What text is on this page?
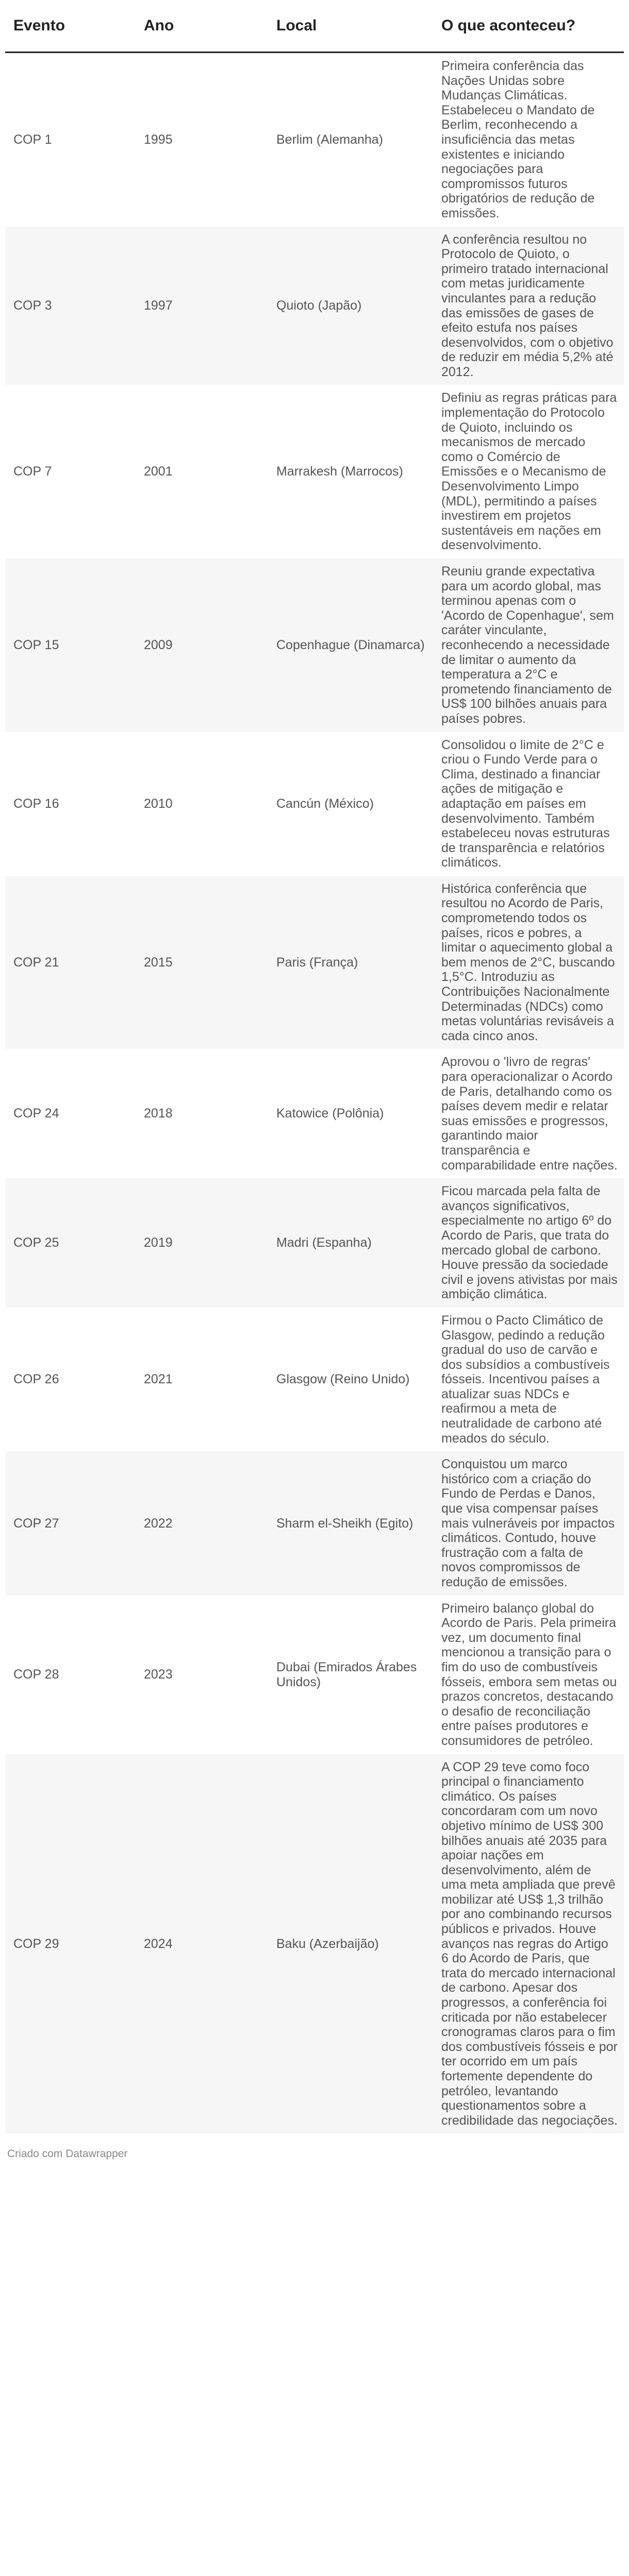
Evento	Ano	Local	O que aconteceu?
COP 1	1995	Berlim (Alemanha)	Primeira conferência das Nações Unidas sobre Mudanças Climáticas. Estabeleceu o Mandato de Berlim, reconhecendo a insuficiência das metas existentes e iniciando negociações para compromissos futuros obrigatórios de redução de emissões.
COP 3	1997	Quioto (Japão)	A conferência resultou no Protocolo de Quioto, o primeiro tratado internacional com metas juridicamente vinculantes para a redução das emissões de gases de efeito estufa nos países desenvolvidos, com o objetivo de reduzir em média 5,2% até 2012.
COP 7	2001	Marrakesh (Marrocos)	Definiu as regras práticas para implementação do Protocolo de Quioto, incluindo os mecanismos de mercado como o Comércio de Emissões e o Mecanismo de Desenvolvimento Limpo (MDL), permitindo a países investirem em projetos sustentáveis em nações em desenvolvimento.
COP 15	2009	Copenhague (Dinamarca)	Reuniu grande expectativa para um acordo global, mas terminou apenas com o 'Acordo de Copenhague', sem caráter vinculante, reconhecendo a necessidade de limitar o aumento da temperatura a 2°C e prometendo financiamento de US$ 100 bilhões anuais para países pobres.
COP 16	2010	Cancún (México)	Consolidou o limite de 2°C e criou o Fundo Verde para o Clima, destinado a financiar ações de mitigação e adaptação em países em desenvolvimento. Também estabeleceu novas estruturas de transparência e relatórios climáticos.
COP 21	2015	Paris (França)	Histórica conferência que resultou no Acordo de Paris, comprometendo todos os países, ricos e pobres, a limitar o aquecimento global a bem menos de 2°C, buscando 1,5°C. Introduziu as Contribuições Nacionalmente Determinadas (NDCs) como metas voluntárias revisáveis a cada cinco anos.
COP 24	2018	Katowice (Polônia)	Aprovou o 'livro de regras' para operacionalizar o Acordo de Paris, detalhando como os países devem medir e relatar suas emissões e progressos, garantindo maior transparência e comparabilidade entre nações.
COP 25	2019	Madri (Espanha)	Ficou marcada pela falta de avanços significativos, especialmente no artigo 6º do Acordo de Paris, que trata do mercado global de carbono. Houve pressão da sociedade civil e jovens ativistas por mais ambição climática.
COP 26	2021	Glasgow (Reino Unido)	Firmou o Pacto Climático de Glasgow, pedindo a redução gradual do uso de carvão e dos subsídios a combustíveis fósseis. Incentivou países a atualizar suas NDCs e reafirmou a meta de neutralidade de carbono até meados do século.
COP 27	2022	Sharm el-Sheikh (Egito)	Conquistou um marco histórico com a criação do Fundo de Perdas e Danos, que visa compensar países mais vulneráveis por impactos climáticos. Contudo, houve frustração com a falta de novos compromissos de redução de emissões.
COP 28	2023	Dubai (Emirados Árabes Unidos)	Primeiro balanço global do Acordo de Paris. Pela primeira vez, um documento final mencionou a transição para o fim do uso de combustíveis fósseis, embora sem metas ou prazos concretos, destacando o desafio de reconciliação entre países produtores e consumidores de petróleo.
COP 29	2024	Baku (Azerbaijão)	A COP 29 teve como foco principal o financiamento climático. Os países concordaram com um novo objetivo mínimo de US$ 300 bilhões anuais até 2035 para apoiar nações em desenvolvimento, além de uma meta ampliada que prevê mobilizar até US$ 1,3 trilhão por ano combinando recursos públicos e privados. Houve avanços nas regras do Artigo 6 do Acordo de Paris, que trata do mercado internacional de carbono. Apesar dos progressos, a conferência foi criticada por não estabelecer cronogramas claros para o fim dos combustíveis fósseis e por ter ocorrido em um país fortemente dependente do petróleo, levantando questionamentos sobre a credibilidade das negociações.
Criado com Datawrapper
